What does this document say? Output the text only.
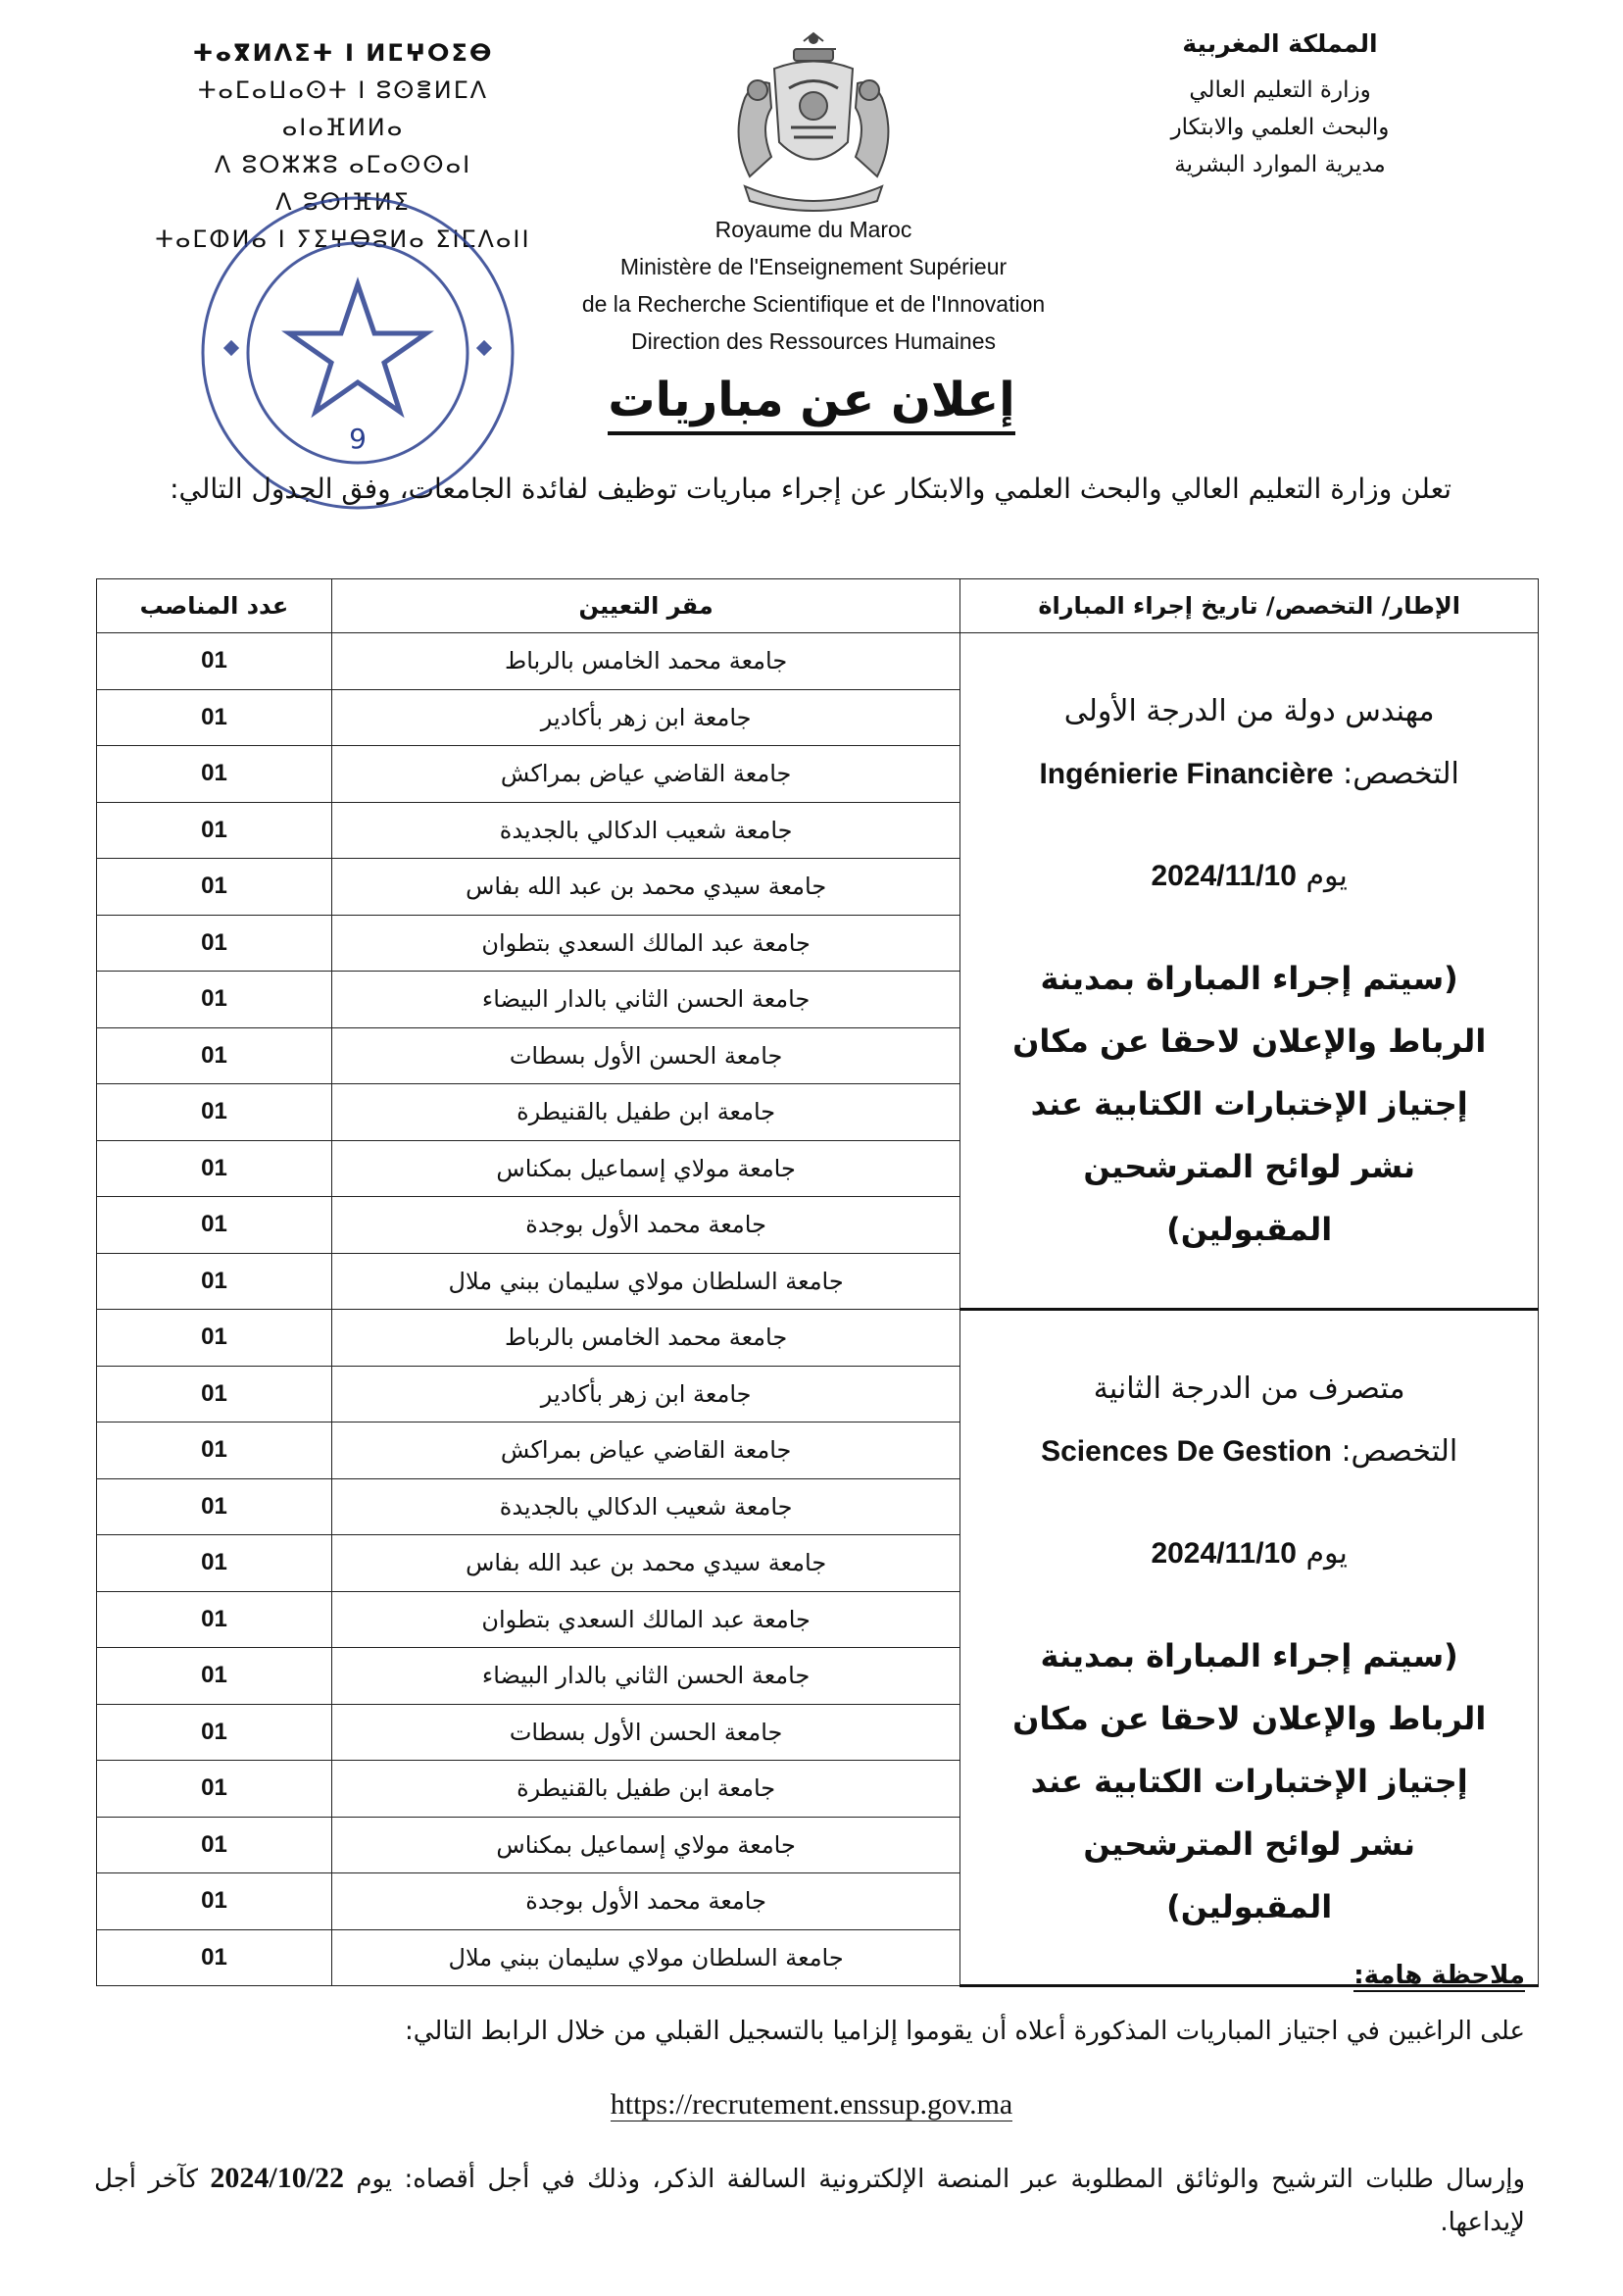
المملكة المغربية
وزارة التعليم العالي
والبحث العلمي والابتكار
مديرية الموارد البشرية
ⵜⴰⴳⵍⴷⵉⵜ ⵏ ⵍⵎⵖⵔⵉⴱ
ⵜⴰⵎⴰⵡⴰⵙⵜ ⵏ ⵓⵙⴻⵍⵎⴷ ⴰⵏⴰⴼⵍⵍⴰ
ⴷ ⵓⵔⵣⵣⵓ ⴰⵎⴰⵙⵙⴰⵏ
ⴷ ⵓⵙⵏⴼⵍⵉ
ⵜⴰⵎⵀⵍⴰ ⵏ ⵢⵉⵖⴱⵓⵍⴰ ⵉⵏⵎⴷⴰⵏⵏ	Royaume du Maroc
Ministère de l'Enseignement Supérieur
de la Recherche Scientifique et de l'Innovation
Direction des Ressources Humaines
9
إعلان عن مباريات
تعلن وزارة التعليم العالي والبحث العلمي والابتكار عن إجراء مباريات توظيف لفائدة الجامعات، وفق الجدول التالي:
الإطار/ التخصص/ تاريخ إجراء المباراة	مقر التعيين	عدد المناصب

مهندس دولة من الدرجة الأولى
التخصص: Ingénierie Financière
يوم 2024/11/10
(سيتم إجراء المباراة بمدينة الرباط والإعلان لاحقا عن مكان إجتياز الإختبارات الكتابية عند نشر لوائح المترشحين المقبولين)	جامعة محمد الخامس بالرباط	01
	جامعة ابن زهر بأكادير	01
	جامعة القاضي عياض بمراكش	01
	جامعة شعيب الدكالي بالجديدة	01
	جامعة سيدي محمد بن عبد الله بفاس	01
	جامعة عبد المالك السعدي بتطوان	01
	جامعة الحسن الثاني بالدار البيضاء	01
	جامعة الحسن الأول بسطات	01
	جامعة ابن طفيل بالقنيطرة	01
	جامعة مولاي إسماعيل بمكناس	01
	جامعة محمد الأول بوجدة	01
	جامعة السلطان مولاي سليمان ببني ملال	01

متصرف من الدرجة الثانية
التخصص: Sciences De Gestion
يوم 2024/11/10
(سيتم إجراء المباراة بمدينة الرباط والإعلان لاحقا عن مكان إجتياز الإختبارات الكتابية عند نشر لوائح المترشحين المقبولين)	جامعة محمد الخامس بالرباط	01
	جامعة ابن زهر بأكادير	01
	جامعة القاضي عياض بمراكش	01
	جامعة شعيب الدكالي بالجديدة	01
	جامعة سيدي محمد بن عبد الله بفاس	01
	جامعة عبد المالك السعدي بتطوان	01
	جامعة الحسن الثاني بالدار البيضاء	01
	جامعة الحسن الأول بسطات	01
	جامعة ابن طفيل بالقنيطرة	01
	جامعة مولاي إسماعيل بمكناس	01
	جامعة محمد الأول بوجدة	01
	جامعة السلطان مولاي سليمان ببني ملال	01
ملاحظة هامة:
على الراغبين في اجتياز المباريات المذكورة أعلاه أن يقوموا إلزاميا بالتسجيل القبلي من خلال الرابط التالي:
https://recrutement.enssup.gov.ma
وإرسال طلبات الترشيح والوثائق المطلوبة عبر المنصة الإلكترونية السالفة الذكر، وذلك في أجل أقصاه: يوم 2024/10/22 كآخر أجل لإيداعها.
